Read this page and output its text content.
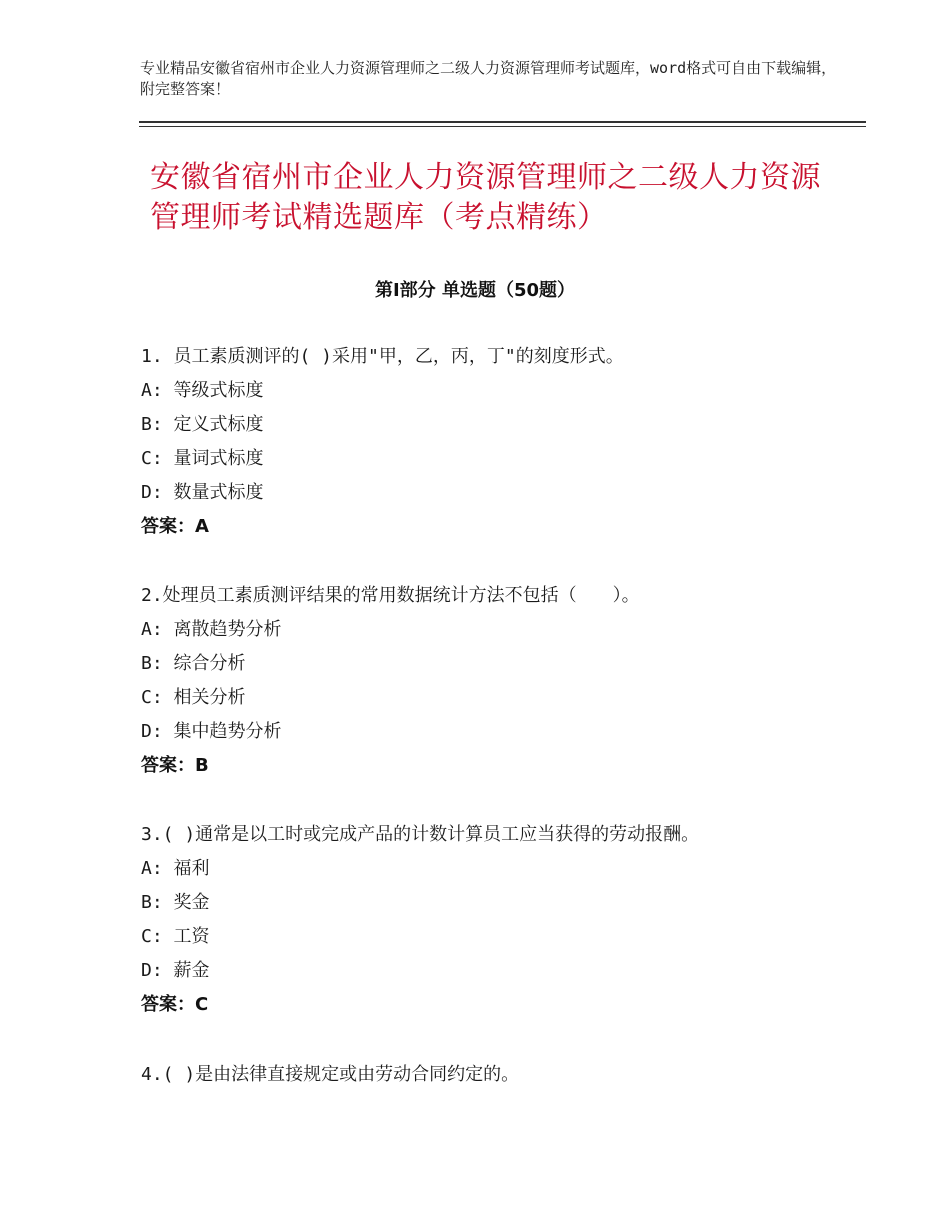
专业精品安徽省宿州市企业人力资源管理师之二级人力资源管理师考试题库，word格式可自由下载编辑，附完整答案！
安徽省宿州市企业人力资源管理师之二级人力资源管理师考试精选题库（考点精练）
第Ⅰ部分 单选题（50题）
1. 员工素质测评的( )采用"甲，乙，丙，丁"的刻度形式。
A: 等级式标度
B: 定义式标度
C: 量词式标度
D: 数量式标度
答案：A
2.处理员工素质测评结果的常用数据统计方法不包括（　　）。
A: 离散趋势分析
B: 综合分析
C: 相关分析
D: 集中趋势分析
答案：B
3.( )通常是以工时或完成产品的计数计算员工应当获得的劳动报酬。
A: 福利
B: 奖金
C: 工资
D: 薪金
答案：C
4.( )是由法律直接规定或由劳动合同约定的。
